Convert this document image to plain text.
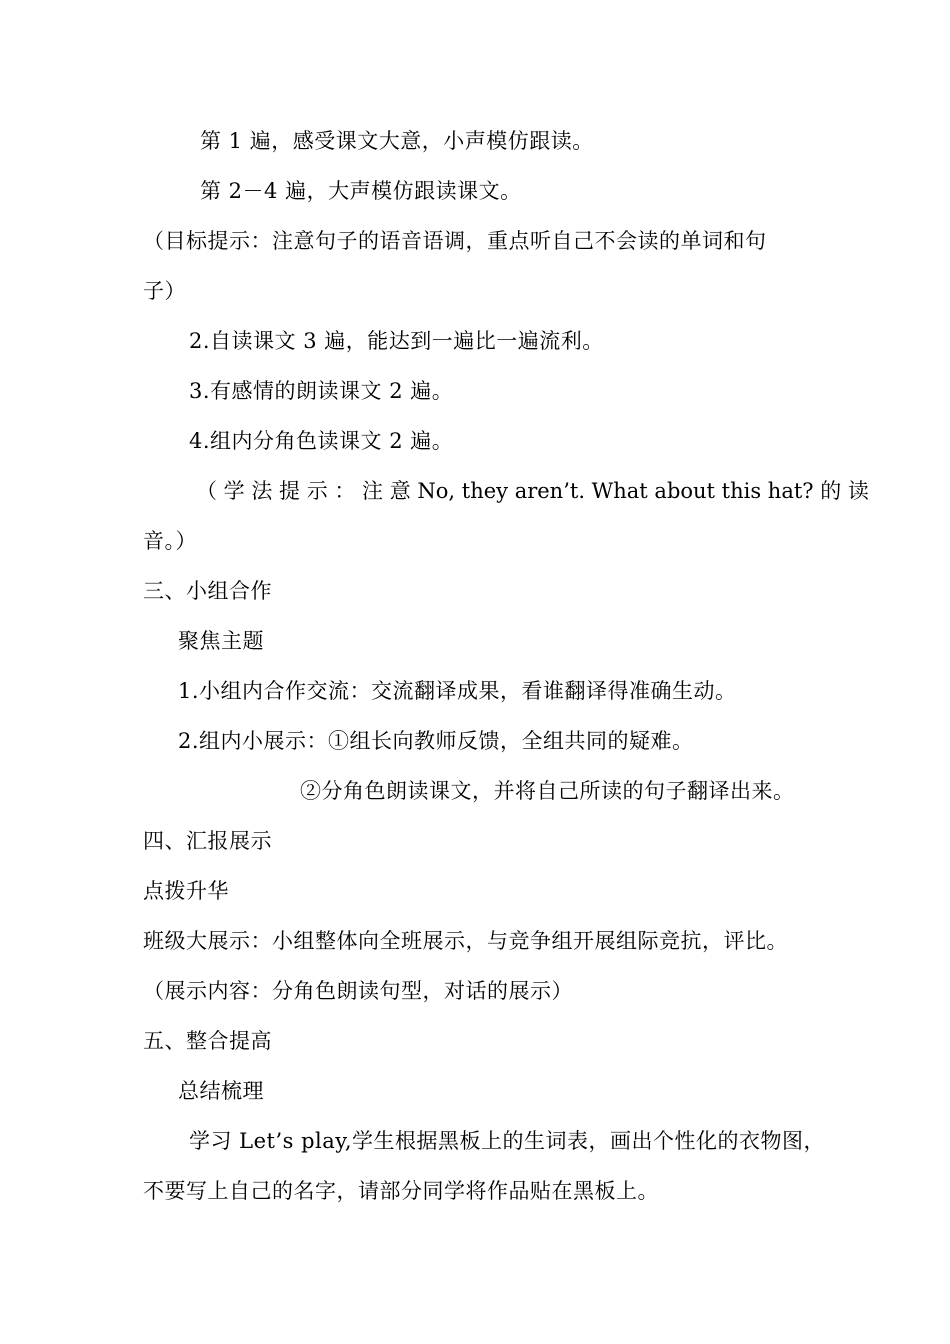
第 1 遍，感受课文大意，小声模仿跟读。
第 2－4 遍，大声模仿跟读课文。
（目标提示：注意句子的语音语调，重点听自己不会读的单词和句
子）
2.自读课文 3 遍，能达到一遍比一遍流利。
3.有感情的朗读课文 2 遍。
4.组内分角色读课文 2 遍。
（ 学 法 提 示 ： 注 意 No, they aren’t. What about this hat? 的 读
音。）
三、小组合作
聚焦主题
1.小组内合作交流：交流翻译成果，看谁翻译得准确生动。
2.组内小展示：①组长向教师反馈，全组共同的疑难。
②分角色朗读课文，并将自己所读的句子翻译出来。
四、汇报展示
点拨升华
班级大展示：小组整体向全班展示，与竞争组开展组际竞抗，评比。
（展示内容：分角色朗读句型，对话的展示）
五、整合提高
总结梳理
学习 Let’s play,学生根据黑板上的生词表，画出个性化的衣物图，
不要写上自己的名字，请部分同学将作品贴在黑板上。
